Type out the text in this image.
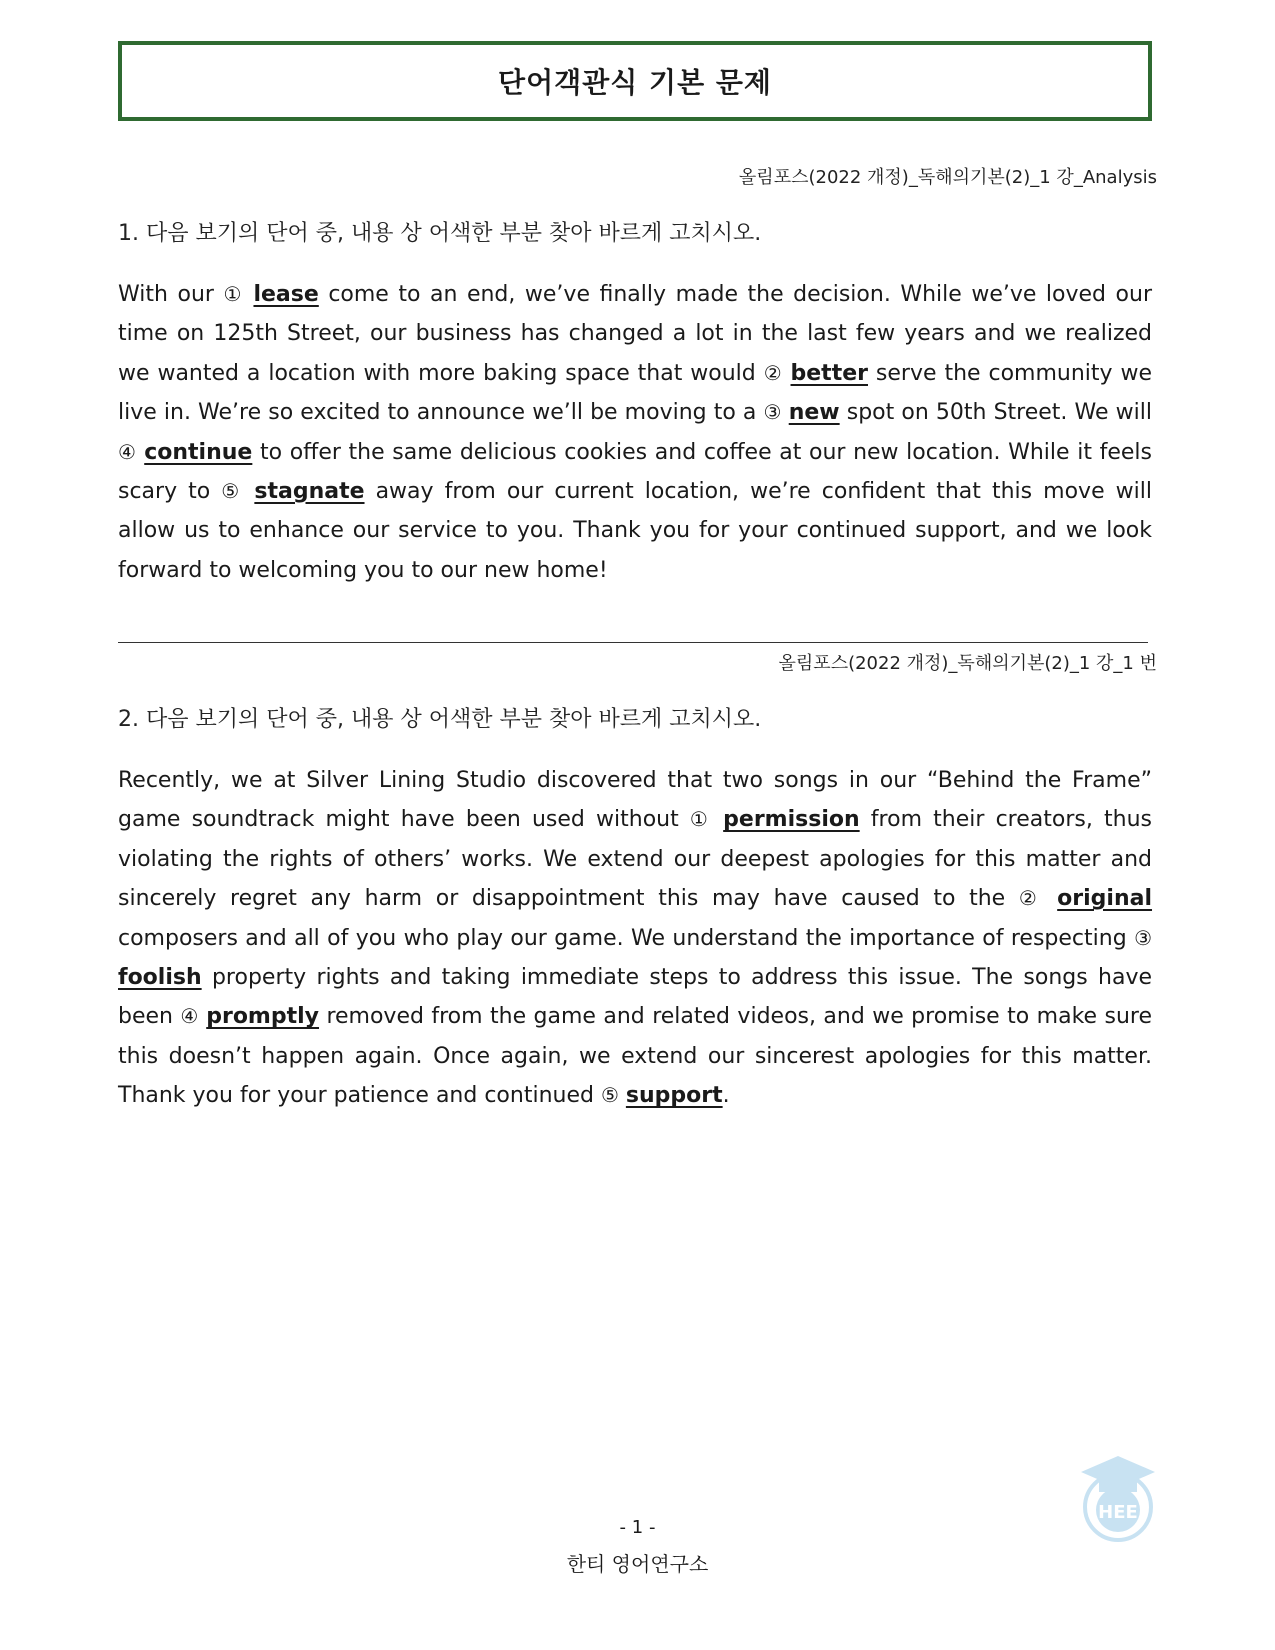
단어객관식 기본 문제
올림포스(2022 개정)_독해의기본(2)_1 강_Analysis
1. 다음 보기의 단어 중, 내용 상 어색한 부분 찾아 바르게 고치시오.
With our ① lease come to an end, we’ve finally made the decision. While we’ve loved our time on 125th Street, our business has changed a lot in the last few years and we realized we wanted a location with more baking space that would ② better serve the community we live in. We’re so excited to announce we’ll be moving to a ③ new spot on 50th Street. We will ④ continue to offer the same delicious cookies and coffee at our new location. While it feels scary to ⑤ stagnate away from our current location, we’re confident that this move will allow us to enhance our service to you. Thank you for your continued support, and we look forward to welcoming you to our new home!
올림포스(2022 개정)_독해의기본(2)_1 강_1 번
2. 다음 보기의 단어 중, 내용 상 어색한 부분 찾아 바르게 고치시오.
Recently, we at Silver Lining Studio discovered that two songs in our “Behind the Frame” game soundtrack might have been used without ① permission from their creators, thus violating the rights of others’ works. We extend our deepest apologies for this matter and sincerely regret any harm or disappointment this may have caused to the ② original composers and all of you who play our game. We understand the importance of respecting ③ foolish property rights and taking immediate steps to address this issue. The songs have been ④ promptly removed from the game and related videos, and we promise to make sure this doesn’t happen again. Once again, we extend our sincerest apologies for this matter. Thank you for your patience and continued ⑤ support.
HEE
- 1 -
한티 영어연구소
